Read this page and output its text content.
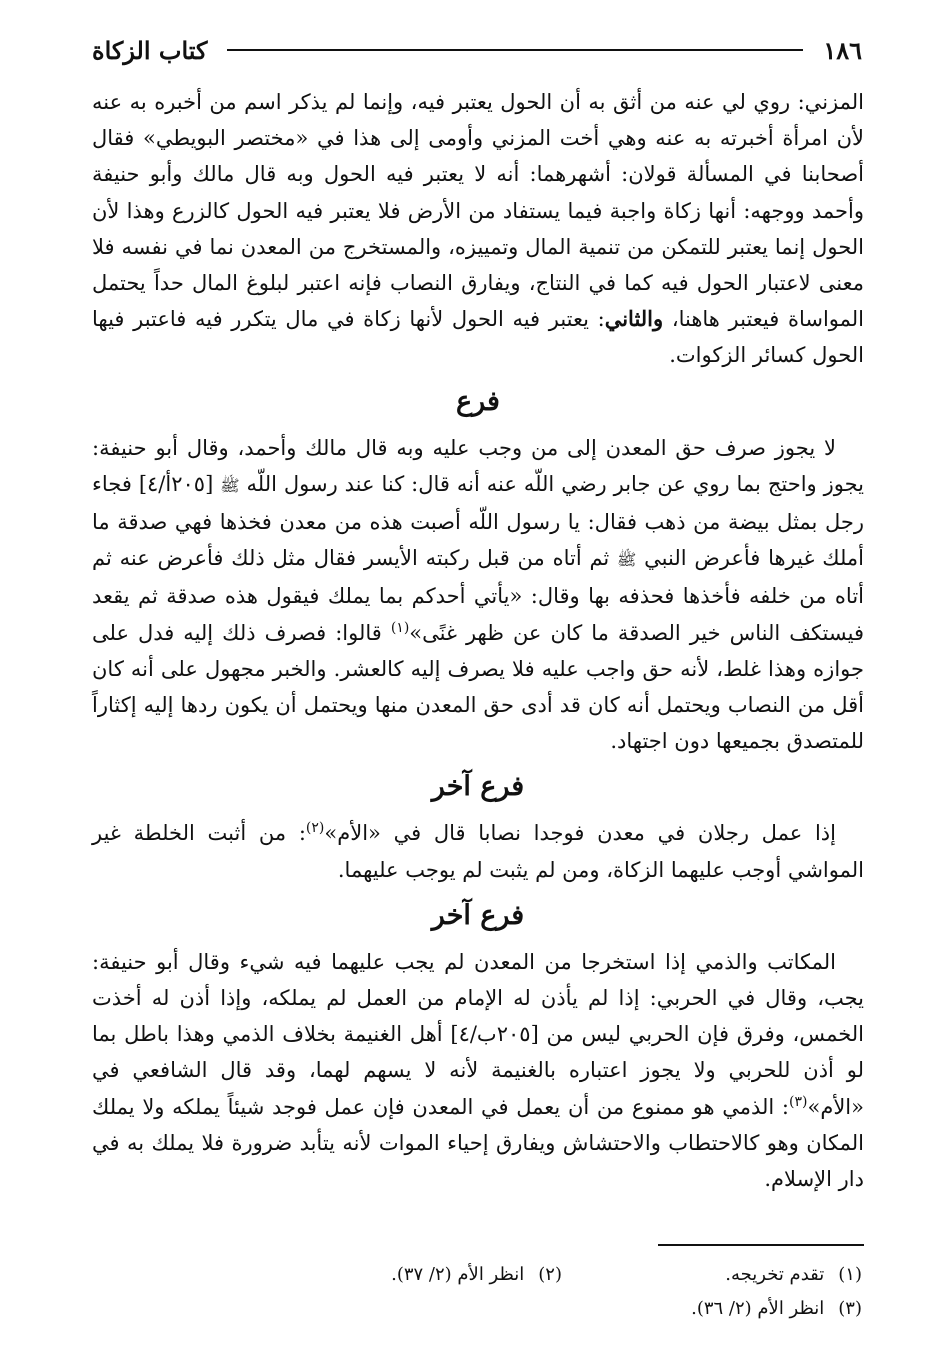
١٨٦
كتاب الزكاة

المزني: روي لي عنه من أثق به أن الحول يعتبر فيه، وإنما لم يذكر اسم من أخبره به عنه لأن امرأة أخبرته به عنه وهي أخت المزني وأومى إلى هذا في «مختصر البويطي» فقال أصحابنا في المسألة قولان: أشهرهما: أنه لا يعتبر فيه الحول وبه قال مالك وأبو حنيفة وأحمد ووجهه: أنها زكاة واجبة فيما يستفاد من الأرض فلا يعتبر فيه الحول كالزرع وهذا لأن الحول إنما يعتبر للتمكن من تنمية المال وتمييزه، والمستخرج من المعدن نما في نفسه فلا معنى لاعتبار الحول فيه كما في النتاج، ويفارق النصاب فإنه اعتبر لبلوغ المال حداً يحتمل المواساة فيعتبر هاهنا، والثاني: يعتبر فيه الحول لأنها زكاة في مال يتكرر فيه فاعتبر فيها الحول كسائر الزكوات.

فرع

لا يجوز صرف حق المعدن إلى من وجب عليه وبه قال مالك وأحمد، وقال أبو حنيفة: يجوز واحتج بما روي عن جابر رضي اللّه عنه أنه قال: كنا عند رسول اللّه ﷺ [٢٠٥أ/٤] فجاء رجل بمثل بيضة من ذهب فقال: يا رسول اللّه أصبت هذه من معدن فخذها فهي صدقة ما أملك غيرها فأعرض النبي ﷺ ثم أتاه من قبل ركبته الأيسر فقال مثل ذلك فأعرض عنه ثم أتاه من خلفه فأخذها فحذفه بها وقال: «يأتي أحدكم بما يملك فيقول هذه صدقة ثم يقعد فيستكف الناس خير الصدقة ما كان عن ظهر غنًى»$^{(١)}$ قالوا: فصرف ذلك إليه فدل على جوازه وهذا غلط، لأنه حق واجب عليه فلا يصرف إليه كالعشر. والخبر مجهول على أنه كان أقل من النصاب ويحتمل أنه كان قد أدى حق المعدن منها ويحتمل أن يكون ردها إليه إكثاراً للمتصدق بجميعها دون اجتهاد.

فرع آخر

إذا عمل رجلان في معدن فوجدا نصابا قال في «الأم»$^{(٢)}$: من أثبت الخلطة غير المواشي أوجب عليهما الزكاة، ومن لم يثبت لم يوجب عليهما.

فرع آخر

المكاتب والذمي إذا استخرجا من المعدن لم يجب عليهما فيه شيء وقال أبو حنيفة: يجب، وقال في الحربي: إذا لم يأذن له الإمام من العمل لم يملكه، وإذا أذن له أخذت الخمس، وفرق فإن الحربي ليس من [٢٠٥ب/٤] أهل الغنيمة بخلاف الذمي وهذا باطل بما لو أذن للحربي ولا يجوز اعتباره بالغنيمة لأنه لا يسهم لهما، وقد قال الشافعي في «الأم»$^{(٣)}$: الذمي هو ممنوع من أن يعمل في المعدن فإن عمل فوجد شيئاً يملكه ولا يملك المكان وهو كالاحتطاب والاحتشاش ويفارق إحياء الموات لأنه يتأبد ضرورة فلا يملك به في دار الإسلام.

(١)تقدم تخريجه.
(٢)انظر الأم (٢/ ٣٧).
(٣)انظر الأم (٢/ ٣٦).
